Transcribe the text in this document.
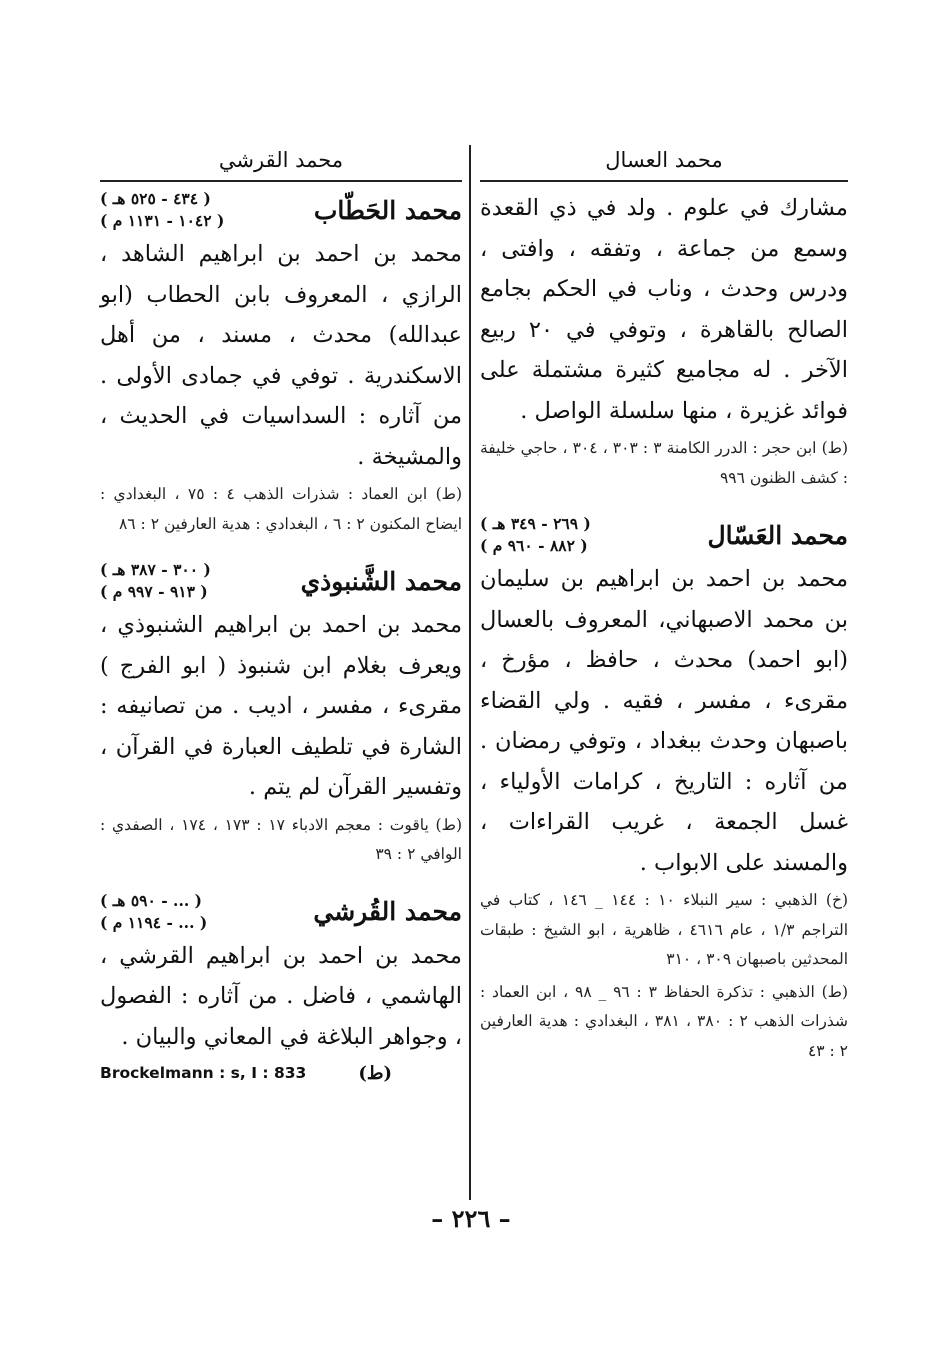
محمد العسال

مشارك في علوم . ولد في ذي القعدة وسمع من جماعة ، وتفقه ، وافتى ، ودرس وحدث ، وناب في الحكم بجامع الصالح بالقاهرة ، وتوفي في ٢٠ ربيع الآخر . له مجاميع كثيرة مشتملة على فوائد غزيرة ، منها سلسلة الواصل .

(ط) ابن حجر : الدرر الكامنة ٣ : ٣٠٣ ، ٣٠٤ ، حاجي خليفة : كشف الظنون ٩٩٦

محمد العَسّال
( ٢٦٩ - ٣٤٩ هـ )
( ٨٨٢ - ٩٦٠ م )

محمد بن احمد بن ابراهيم بن سليمان بن محمد الاصبهاني، المعروف بالعسال (ابو احمد) محدث ، حافظ ، مؤرخ ، مقرىء ، مفسر ، فقيه . ولي القضاء باصبهان وحدث ببغداد ، وتوفي رمضان . من آثاره : التاريخ ، كرامات الأولياء ، غسل الجمعة ، غريب القراءات ، والمسند على الابواب .

(خ) الذهبي : سير النبلاء ١٠ : ١٤٤ _ ١٤٦ ، كتاب في التراجم ١/٣ ، عام ٤٦١٦ ، ظاهرية ، ابو الشيخ : طبقات المحدثين باصبهان ٣٠٩ ، ٣١٠

(ط) الذهبي : تذكرة الحفاظ ٣ : ٩٦ _ ٩٨ ، ابن العماد : شذرات الذهب ٢ : ٣٨٠ ، ٣٨١ ، البغدادي : هدية العارفين ٢ : ٤٣

محمد القرشي
محمد الحَطّاب
( ٤٣٤ - ٥٢٥ هـ )
( ١٠٤٢ - ١١٣١ م )

محمد بن احمد بن ابراهيم الشاهد ، الرازي ، المعروف بابن الحطاب (ابو عبدالله) محدث ، مسند ، من أهل الاسكندرية . توفي في جمادى الأولى . من آثاره : السداسيات في الحديث ، والمشيخة .

(ط) ابن العماد : شذرات الذهب ٤ : ٧٥ ، البغدادي : ايضاح المكنون ٢ : ٦ ، البغدادي : هدية العارفين ٢ : ٨٦

محمد الشَّنبوذي
( ٣٠٠ - ٣٨٧ هـ )
( ٩١٣ - ٩٩٧ م )

محمد بن احمد بن ابراهيم الشنبوذي ، ويعرف بغلام ابن شنبوذ ( ابو الفرج ) مقرىء ، مفسر ، اديب . من تصانيفه : الشارة في تلطيف العبارة في القرآن ، وتفسير القرآن لم يتم .

(ط) ياقوت : معجم الادباء ١٧ : ١٧٣ ، ١٧٤ ، الصفدي : الوافي ٢ : ٣٩

محمد القُرشي
( ... - ٥٩٠ هـ )
( ... - ١١٩٤ م )

محمد بن احمد بن ابراهيم القرشي ، الهاشمي ، فاضل . من آثاره : الفصول ، وجواهر البلاغة في المعاني والبيان .

Brockelmann : s, I : 833	(ط)
– ٢٢٦ –
